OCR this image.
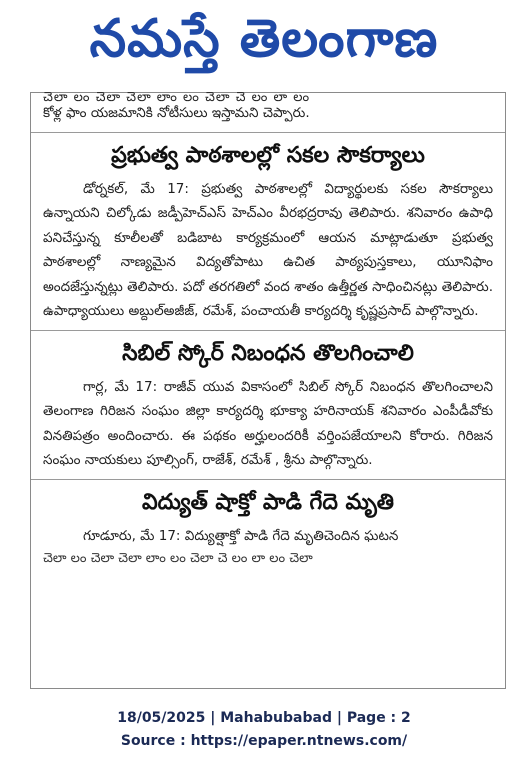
నమస్తే తెలంగాణ
చెలా లం చెలా చెలా లాం లం చెలా చె లం లా లం

కోళ్ల ఫాం యజమానికి నోటీసులు ఇస్తామని చెప్పారు.

ప్రభుత్వ పాఠశాలల్లో సకల సౌకర్యాలు

డోర్నకల్, మే 17: ప్రభుత్వ పాఠశాలల్లో విద్యార్థులకు సకల సౌకర్యాలు ఉన్నాయని చిల్కోడు జడ్పీహెచ్ఎస్ హెచ్ఎం వీరభద్రరావు తెలిపారు. శనివారం ఉపాధి పనిచేస్తున్న కూలీలతో బడిబాట కార్యక్రమంలో ఆయన మాట్లాడుతూ ప్రభుత్వ పాఠశాలల్లో నాణ్యమైన విద్యతోపాటు ఉచిత పాఠ్యపుస్తకాలు, యూనిఫాం అందజేస్తున్నట్లు తెలిపారు. పదో తరగతిలో వంద శాతం ఉత్తీర్ణత సాధించినట్లు తెలిపారు. ఉపాధ్యాయులు అబ్దుల్అజీజ్, రమేశ్, పంచాయతీ కార్యదర్శి కృష్ణప్రసాద్ పాల్గొన్నారు.

సిబిల్ స్కోర్ నిబంధన తొలగించాలి

గార్ల, మే 17: రాజీవ్ యువ వికాసంలో సిబిల్ స్కోర్ నిబంధన తొలగించాలని తెలంగాణ గిరిజన సంఘం జిల్లా కార్యదర్శి భూక్యా హరినాయక్ శనివారం ఎంపీడీవోకు వినతిపత్రం అందించారు. ఈ పథకం అర్హులందరికీ వర్తింపజేయాలని కోరారు. గిరిజన సంఘం నాయకులు పూల్సింగ్, రాజేశ్, రమేశ్ , శ్రీను పాల్గొన్నారు.

విద్యుత్ షాక్తో పాడి గేదె మృతి

గూడూరు, మే 17: విద్యుత్షాక్తో పాడి గేదె మృతిచెందిన ఘటన

చెలా లం చెలా చెలా లాం లం చెలా చె లం లా లం చెలా
18/05/2025 | Mahabubabad | Page : 2
Source : https://epaper.ntnews.com/
